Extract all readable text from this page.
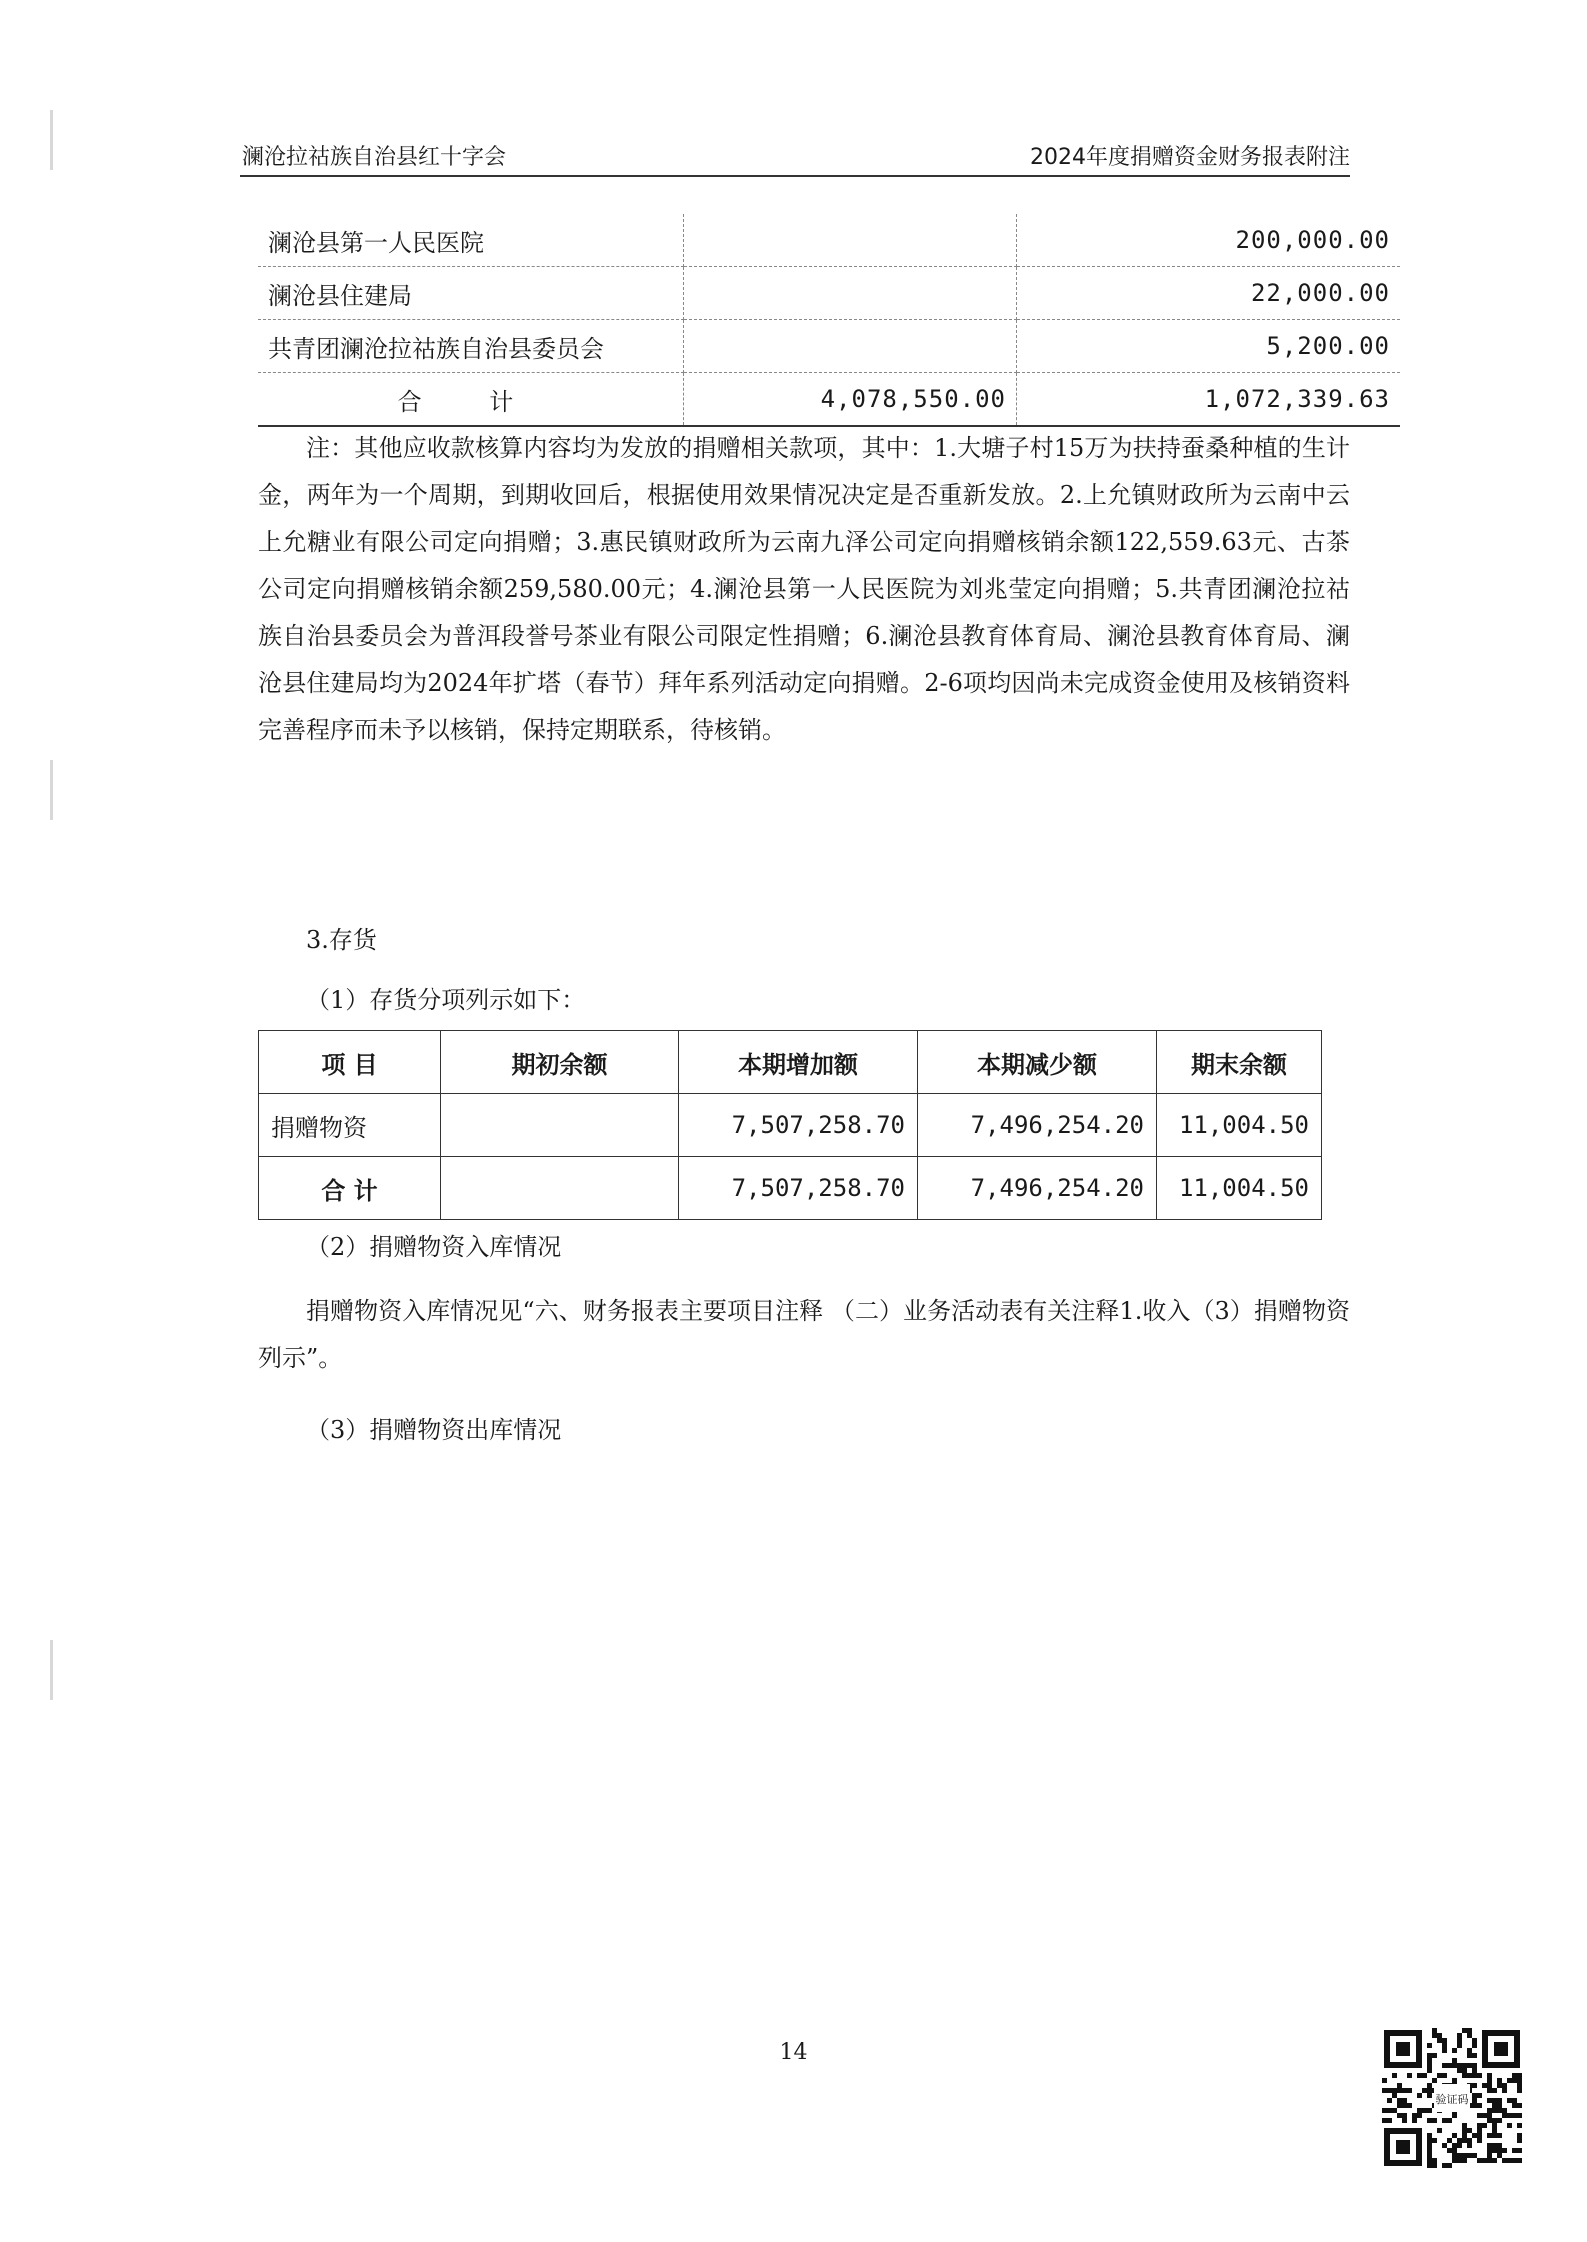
澜沧拉祜族自治县红十字会	2024年度捐赠资金财务报表附注
澜沧县第一人民医院		200,000.00
澜沧县住建局		22,000.00
共青团澜沧拉祜族自治县委员会		5,200.00
合 计	4,078,550.00	1,072,339.63
注：其他应收款核算内容均为发放的捐赠相关款项，其中：1.大塘子村15万为扶持蚕桑种植的生计金，两年为一个周期，到期收回后，根据使用效果情况决定是否重新发放。2.上允镇财政所为云南中云上允糖业有限公司定向捐赠；3.惠民镇财政所为云南九泽公司定向捐赠核销余额122,559.63元、古茶公司定向捐赠核销余额259,580.00元；4.澜沧县第一人民医院为刘兆莹定向捐赠；5.共青团澜沧拉祜族自治县委员会为普洱段誉号茶业有限公司限定性捐赠；6.澜沧县教育体育局、澜沧县教育体育局、澜沧县住建局均为2024年扩塔（春节）拜年系列活动定向捐赠。2-6项均因尚未完成资金使用及核销资料完善程序而未予以核销，保持定期联系，待核销。
3.存货
（1）存货分项列示如下：
项 目	期初余额	本期增加额	本期减少额	期末余额
捐赠物资		7,507,258.70	7,496,254.20	11,004.50
合 计		7,507,258.70	7,496,254.20	11,004.50
（2）捐赠物资入库情况
捐赠物资入库情况见“六、财务报表主要项目注释 （二）业务活动表有关注释1.收入（3）捐赠物资列示”。
（3）捐赠物资出库情况
14
验证码
